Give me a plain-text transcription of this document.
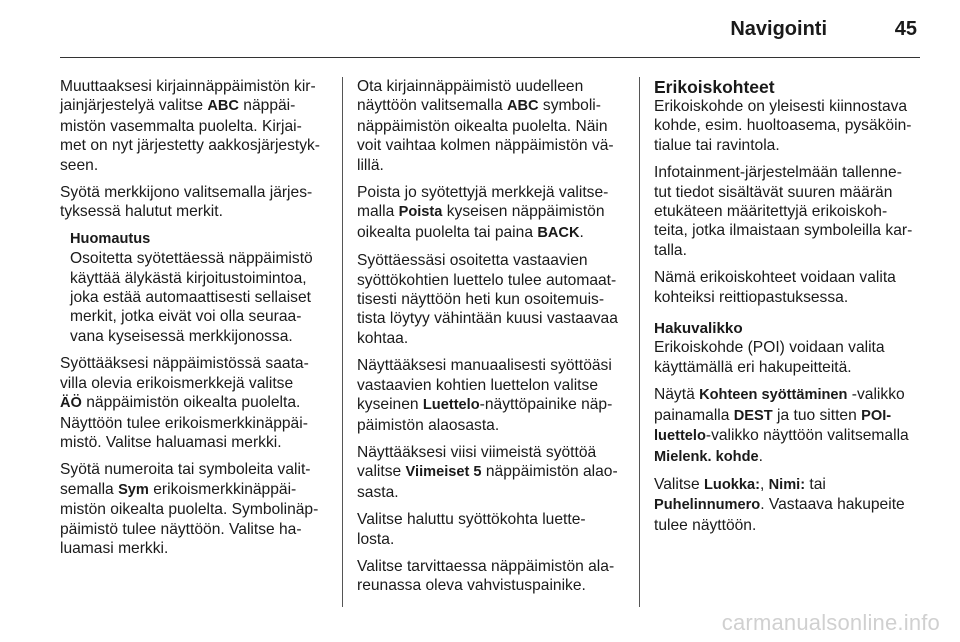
Navigointi	45
Muuttaaksesi kirjainnäppäimistön kir-
jainjärjestelyä valitse ABC näppäi-
mistön vasemmalta puolelta. Kirjai-
met on nyt järjestetty aakkosjärjestyk-
seen.
Syötä merkkijono valitsemalla järjes-
tyksessä halutut merkit.
Huomautus
Osoitetta syötettäessä näppäimistö
käyttää älykästä kirjoitustoimintoa,
joka estää automaattisesti sellaiset
merkit, jotka eivät voi olla seuraa-
vana kyseisessä merkkijonossa.
Syöttääksesi näppäimistössä saata-
villa olevia erikoismerkkejä valitse
ÄÖ näppäimistön oikealta puolelta.
Näyttöön tulee erikoismerkkinäppäi-
mistö. Valitse haluamasi merkki.
Syötä numeroita tai symboleita valit-
semalla Sym erikoismerkkinäppäi-
mistön oikealta puolelta. Symbolinäp-
päimistö tulee näyttöön. Valitse ha-
luamasi merkki.
Ota kirjainnäppäimistö uudelleen
näyttöön valitsemalla ABC symboli-
näppäimistön oikealta puolelta. Näin
voit vaihtaa kolmen näppäimistön vä-
lillä.
Poista jo syötettyjä merkkejä valitse-
malla Poista kyseisen näppäimistön
oikealta puolelta tai paina BACK.
Syöttäessäsi osoitetta vastaavien
syöttökohtien luettelo tulee automaat-
tisesti näyttöön heti kun osoitemuis-
tista löytyy vähintään kuusi vastaavaa
kohtaa.
Näyttääksesi manuaalisesti syöttöäsi
vastaavien kohtien luettelon valitse
kyseinen Luettelo-näyttöpainike näp-
päimistön alaosasta.
Näyttääksesi viisi viimeistä syöttöä
valitse Viimeiset 5 näppäimistön alao-
sasta.
Valitse haluttu syöttökohta luette-
losta.
Valitse tarvittaessa näppäimistön ala-
reunassa oleva vahvistuspainike.
Erikoiskohteet
Erikoiskohde on yleisesti kiinnostava
kohde, esim. huoltoasema, pysäköin-
tialue tai ravintola.
Infotainment-järjestelmään tallenne-
tut tiedot sisältävät suuren määrän
etukäteen määritettyjä erikoiskoh-
teita, jotka ilmaistaan symboleilla kar-
talla.
Nämä erikoiskohteet voidaan valita
kohteiksi reittiopastuksessa.
Hakuvalikko
Erikoiskohde (POI) voidaan valita
käyttämällä eri hakupeitteitä.
Näytä Kohteen syöttäminen -valikko
painamalla DEST ja tuo sitten POI-
luettelo-valikko näyttöön valitsemalla
Mielenk. kohde.
Valitse Luokka:, Nimi: tai
Puhelinnumero. Vastaava hakupeite
tulee näyttöön.
carmanualsonline.info
